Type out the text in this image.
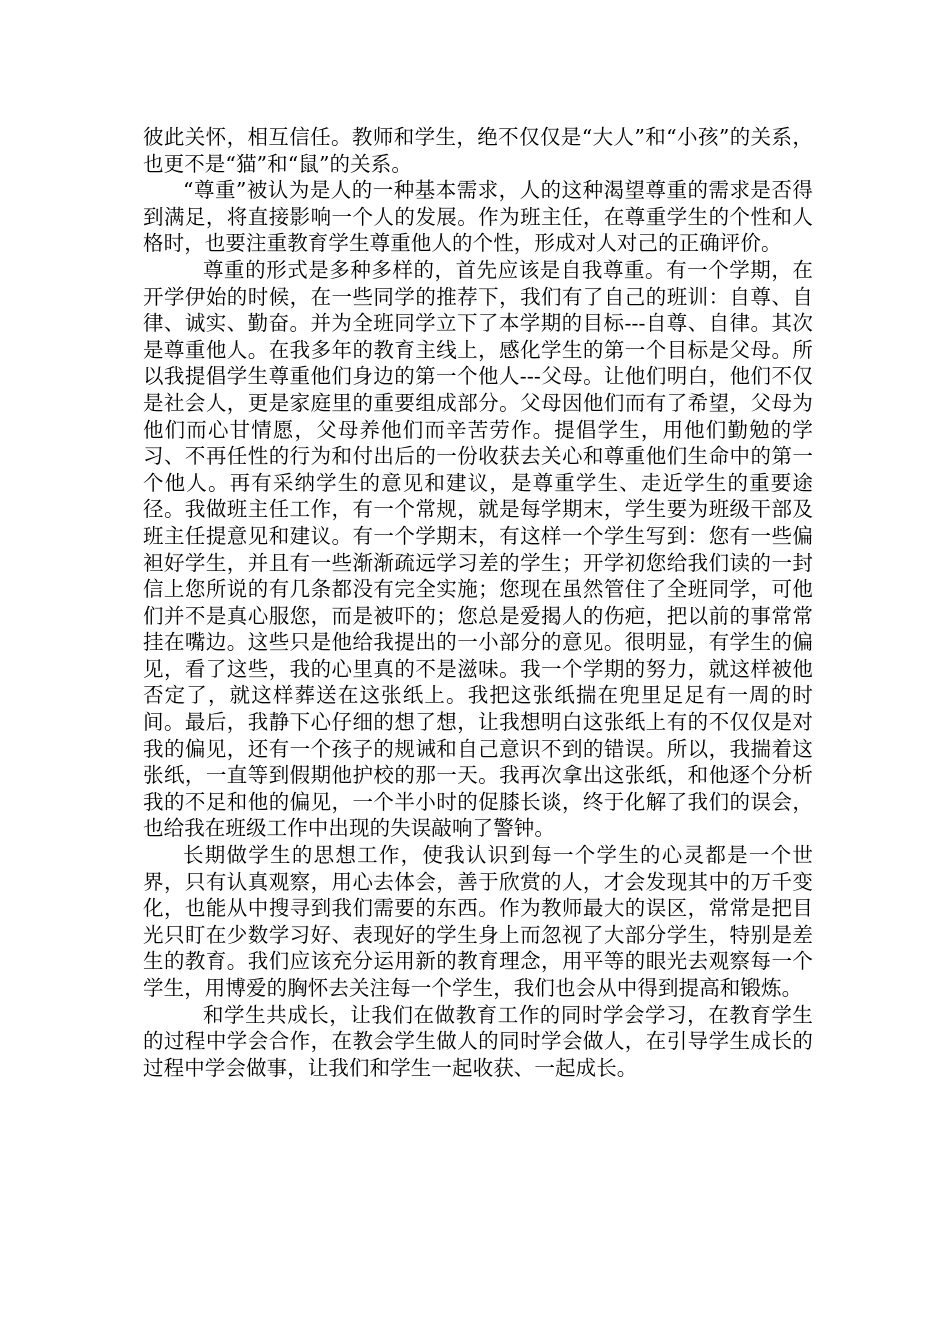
彼此关怀，相互信任。教师和学生，绝不仅仅是“大人”和“小孩”的关系，也更不是“猫”和“鼠”的关系。

“尊重”被认为是人的一种基本需求，人的这种渴望尊重的需求是否得到满足，将直接影响一个人的发展。作为班主任，在尊重学生的个性和人格时，也要注重教育学生尊重他人的个性，形成对人对己的正确评价。

尊重的形式是多种多样的，首先应该是自我尊重。有一个学期，在开学伊始的时候，在一些同学的推荐下，我们有了自己的班训：自尊、自律、诚实、勤奋。并为全班同学立下了本学期的目标---自尊、自律。其次是尊重他人。在我多年的教育主线上，感化学生的第一个目标是父母。所以我提倡学生尊重他们身边的第一个他人---父母。让他们明白，他们不仅是社会人，更是家庭里的重要组成部分。父母因他们而有了希望，父母为他们而心甘情愿，父母养他们而辛苦劳作。提倡学生，用他们勤勉的学习、不再任性的行为和付出后的一份收获去关心和尊重他们生命中的第一个他人。再有采纳学生的意见和建议，是尊重学生、走近学生的重要途径。我做班主任工作，有一个常规，就是每学期末，学生要为班级干部及班主任提意见和建议。有一个学期末，有这样一个学生写到：您有一些偏袒好学生，并且有一些渐渐疏远学习差的学生；开学初您给我们读的一封信上您所说的有几条都没有完全实施；您现在虽然管住了全班同学，可他们并不是真心服您，而是被吓的；您总是爱揭人的伤疤，把以前的事常常挂在嘴边。这些只是他给我提出的一小部分的意见。很明显，有学生的偏见，看了这些，我的心里真的不是滋味。我一个学期的努力，就这样被他否定了，就这样葬送在这张纸上。我把这张纸揣在兜里足足有一周的时间。最后，我静下心仔细的想了想，让我想明白这张纸上有的不仅仅是对我的偏见，还有一个孩子的规诫和自己意识不到的错误。所以，我揣着这张纸，一直等到假期他护校的那一天。我再次拿出这张纸，和他逐个分析我的不足和他的偏见，一个半小时的促膝长谈，终于化解了我们的误会，也给我在班级工作中出现的失误敲响了警钟。

长期做学生的思想工作，使我认识到每一个学生的心灵都是一个世界，只有认真观察，用心去体会，善于欣赏的人，才会发现其中的万千变化，也能从中搜寻到我们需要的东西。作为教师最大的误区，常常是把目光只盯在少数学习好、表现好的学生身上而忽视了大部分学生，特别是差生的教育。我们应该充分运用新的教育理念，用平等的眼光去观察每一个学生，用博爱的胸怀去关注每一个学生，我们也会从中得到提高和锻炼。

和学生共成长，让我们在做教育工作的同时学会学习，在教育学生的过程中学会合作，在教会学生做人的同时学会做人，在引导学生成长的过程中学会做事，让我们和学生一起收获、一起成长。
